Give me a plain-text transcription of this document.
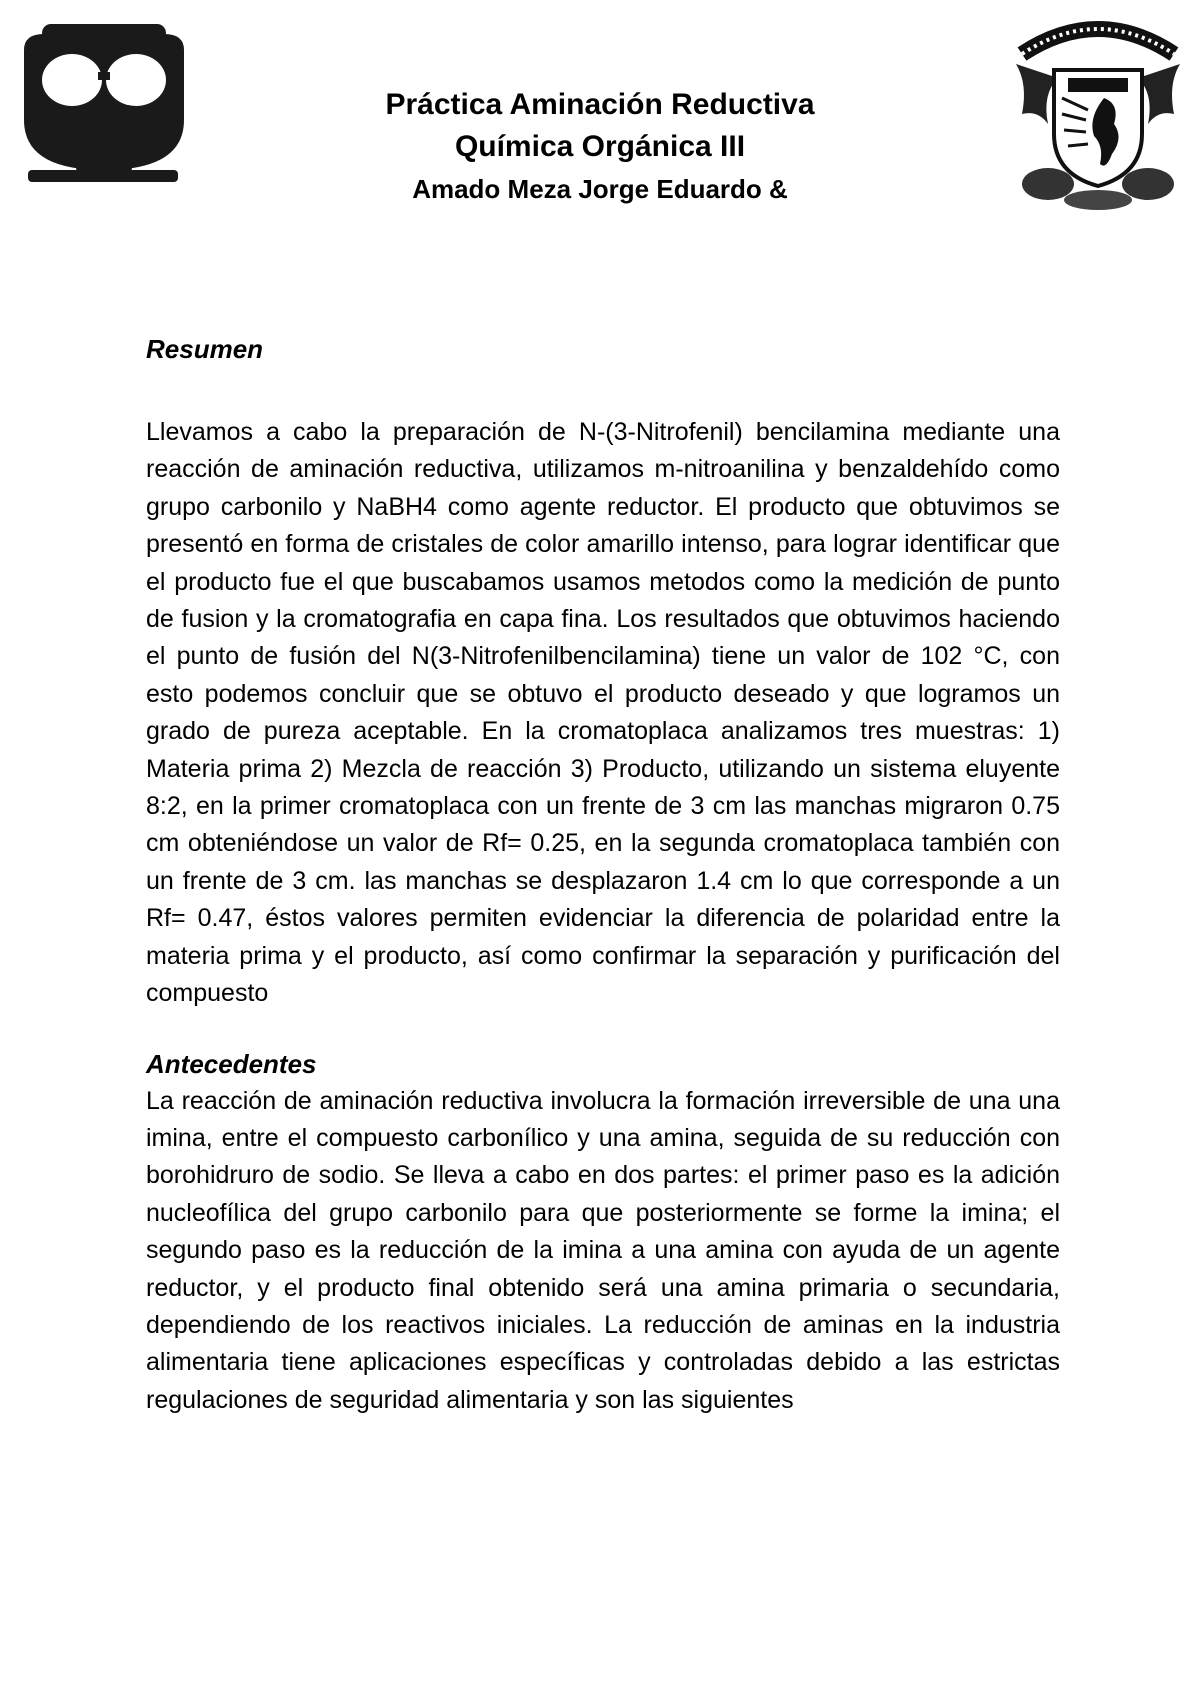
Práctica Aminación Reductiva

Química Orgánica III

Amado Meza Jorge Eduardo &

Resumen

Llevamos a cabo la preparación de N-(3-Nitrofenil) bencilamina mediante una reacción de aminación reductiva, utilizamos m-nitroanilina y benzaldehído como grupo carbonilo y NaBH4 como agente reductor. El producto que obtuvimos se presentó en forma de cristales de color amarillo intenso, para lograr identificar que el producto fue el que buscabamos usamos metodos como la medición de punto de fusion y la cromatografia en capa fina. Los resultados que obtuvimos haciendo el punto de fusión del N(3-Nitrofenilbencilamina) tiene un valor de 102 °C, con esto podemos concluir que se obtuvo el producto deseado y que logramos un grado de pureza aceptable. En la cromatoplaca analizamos tres muestras: 1) Materia prima 2) Mezcla de reacción 3) Producto, utilizando un sistema eluyente 8:2, en la primer cromatoplaca con un frente de 3 cm las manchas migraron 0.75 cm obteniéndose un valor de Rf= 0.25, en la segunda cromatoplaca también con un frente de 3 cm. las manchas se desplazaron 1.4 cm lo que corresponde a un Rf= 0.47, éstos valores permiten evidenciar la diferencia de polaridad entre la materia prima y el producto, así como confirmar la separación y purificación del compuesto

Antecedentes

La reacción de aminación reductiva involucra la formación irreversible de una una imina, entre el compuesto carbonílico y una amina, seguida de su reducción con borohidruro de sodio. Se lleva a cabo en dos partes: el primer paso es la adición nucleofílica del grupo carbonilo para que posteriormente se forme la imina; el segundo paso es la reducción de la imina a una amina con ayuda de un agente reductor, y el producto final obtenido será una amina primaria o secundaria, dependiendo de los reactivos iniciales. La reducción de aminas en la industria alimentaria tiene aplicaciones específicas y controladas debido a las estrictas regulaciones de seguridad alimentaria y son las siguientes
